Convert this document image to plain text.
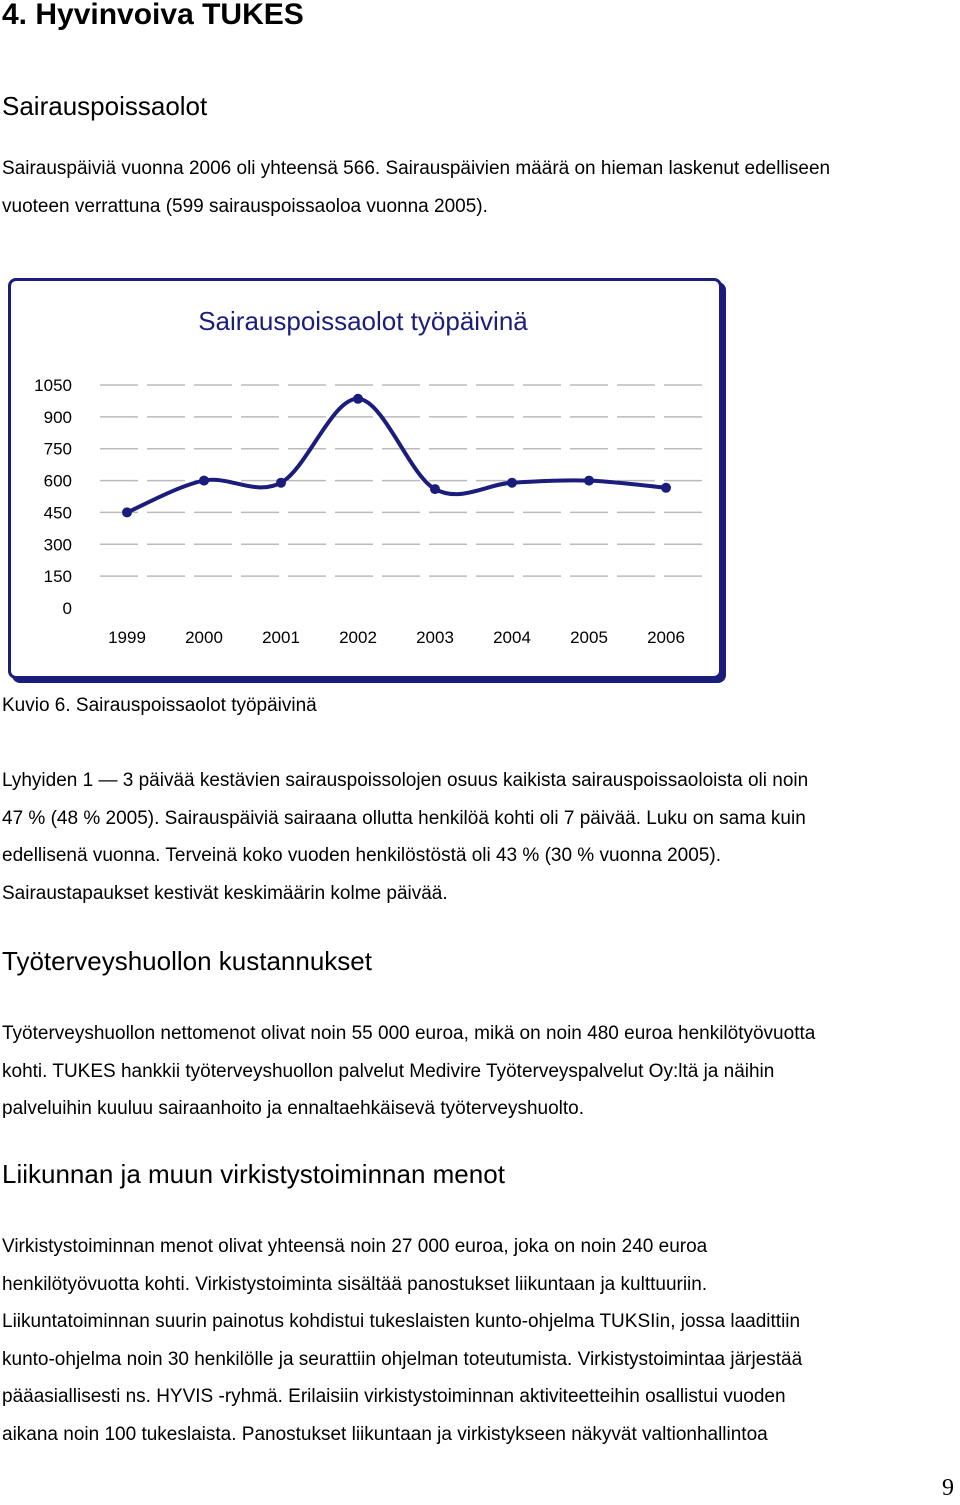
4. Hyvinvoiva TUKES
Sairauspoissaolot
Sairauspäiviä vuonna 2006 oli yhteensä 566. Sairauspäivien määrä on hieman laskenut edelliseen
vuoteen verrattuna (599 sairauspoissaoloa vuonna 2005).
Sairauspoissaolot työpäivinä
1050
900
750
600
450
300
150
0
1999 2000 2001 2002 2003 2004 2005 2006
Kuvio 6. Sairauspoissaolot työpäivinä
Lyhyiden 1 — 3 päivää kestävien sairauspoissolojen osuus kaikista sairauspoissaoloista oli noin
47 % (48 % 2005). Sairauspäiviä sairaana ollutta henkilöä kohti oli 7 päivää. Luku on sama kuin
edellisenä vuonna. Terveinä koko vuoden henkilöstöstä oli 43 % (30 % vuonna 2005).
Sairaustapaukset kestivät keskimäärin kolme päivää.
Työterveyshuollon kustannukset
Työterveyshuollon nettomenot olivat noin 55 000 euroa, mikä on noin 480 euroa henkilötyövuotta
kohti. TUKES hankkii työterveyshuollon palvelut Medivire Työterveyspalvelut Oy:ltä ja näihin
palveluihin kuuluu sairaanhoito ja ennaltaehkäisevä työterveyshuolto.
Liikunnan ja muun virkistystoiminnan menot
Virkistystoiminnan menot olivat yhteensä noin 27 000 euroa, joka on noin 240 euroa
henkilötyövuotta kohti. Virkistystoiminta sisältää panostukset liikuntaan ja kulttuuriin.
Liikuntatoiminnan suurin painotus kohdistui tukeslaisten kunto-ohjelma TUKSIin, jossa laadittiin
kunto-ohjelma noin 30 henkilölle ja seurattiin ohjelman toteutumista. Virkistystoimintaa järjestää
pääasiallisesti ns. HYVIS -ryhmä. Erilaisiin virkistystoiminnan aktiviteetteihin osallistui vuoden
aikana noin 100 tukeslaista. Panostukset liikuntaan ja virkistykseen näkyvät valtionhallintoa
9
